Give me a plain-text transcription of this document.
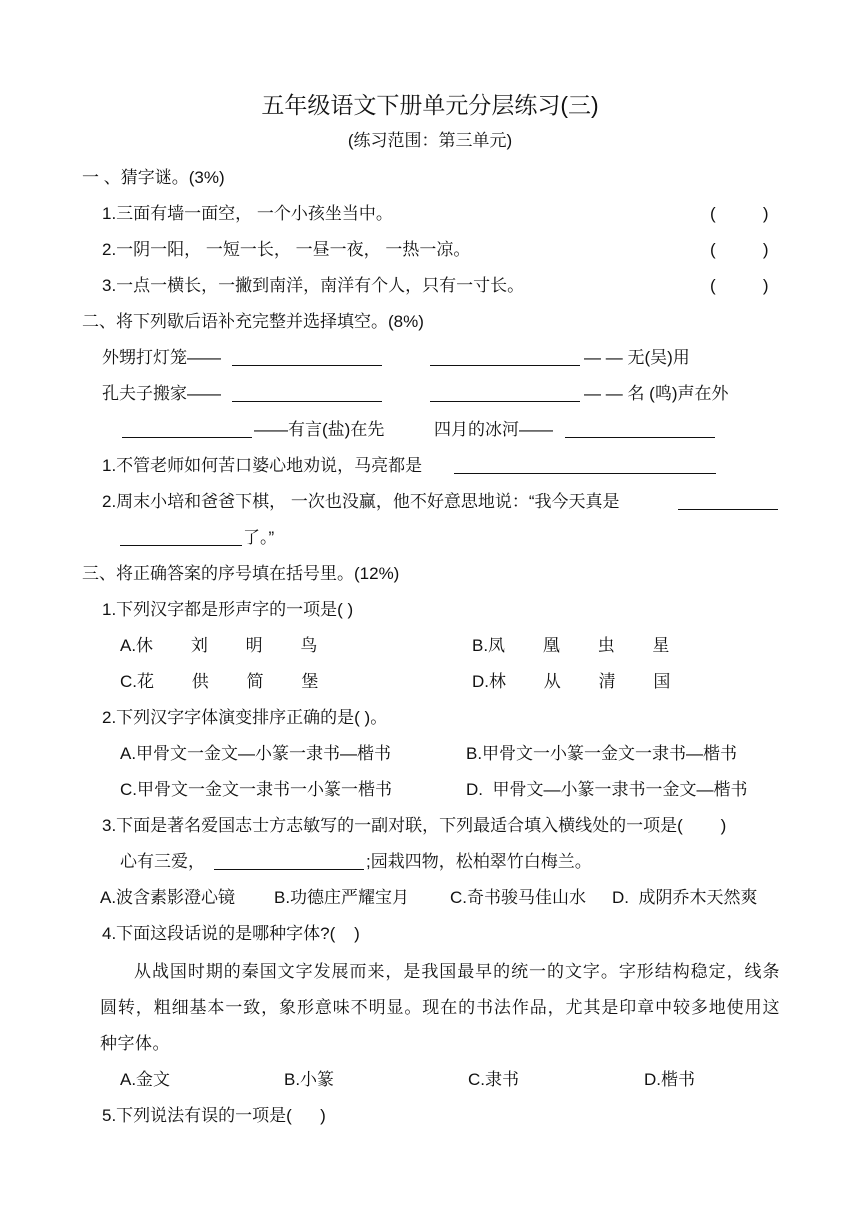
五年级语文下册单元分层练习(三)
(练习范围：第三单元)
一 、猜字谜。(3%)
1.三面有墙一面空， 一个小孩坐当中。	(          )
2.一阴一阳， 一短一长， 一昼一夜， 一热一凉。	(          )
3.一点一横长，一撇到南洋，南洋有个人，只有一寸长。	(          )
二、将下列歇后语补充完整并选择填空。(8%)
外甥打灯笼——	— — 无(吴)用
孔夫子搬家——	— — 名 (鸣)声在外
——有言(盐)在先	四月的冰河——
1.不管老师如何苦口婆心地劝说，马亮都是
2.周末小培和爸爸下棋， 一次也没赢，他不好意思地说：“我今天真是
了。”
三、将正确答案的序号填在括号里。(12%)
1.下列汉字都是形声字的一项是( )
A.休        刘        明        鸟	B.凤        凰        虫        星
C.花        供        简        堡	D.林        从        清        国
2.下列汉字字体演变排序正确的是( )。
A.甲骨文一金文—小篆一隶书—楷书	B.甲骨文一小篆一金文一隶书—楷书
C.甲骨文一金文一隶书一小篆一楷书	D.  甲骨文—小篆一隶书一金文—楷书
3.下面是著名爱国志士方志敏写的一副对联，下列最适合填入横线处的一项是(        )
心有三爱，	;园栽四物，松柏翠竹白梅兰。
A.波含素影澄心镜 B.功德庄严耀宝月 C.奇书骏马佳山水 D.  成阴乔木天然爽
4.下面这段话说的是哪种字体?(    )
从战国时期的秦国文字发展而来，是我国最早的统一的文字。字形结构稳定，线条圆转，粗细基本一致，象形意味不明显。现在的书法作品，尤其是印章中较多地使用这种字体。
A.金文	B.小篆	C.隶书	D.楷书
5.下列说法有误的一项是(      )
